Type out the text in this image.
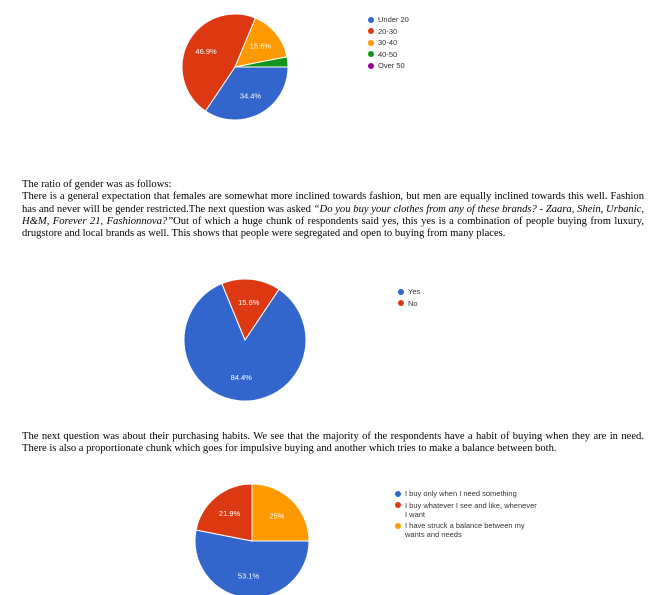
34.4%
46.9%
15.6%
84.4%
15.6%
53.1%
21.9%	25%
Under 20
20-30
30-40
40-50
Over 50
Yes
No
I buy only when I need something
I buy whatever I see and like, whenever I want
I have struck a balance between my wants and needs

The ratio of gender was as follows:

There is a general expectation that females are somewhat more inclined towards fashion, but men are equally inclined towards this well. Fashion has and never will be gender restricted.The next question was asked “Do you buy your clothes from any of these brands? - Zaara, Shein, Urbanic, H&M, Forever 21, Fashionnova?”Out of which a huge chunk of respondents said yes, this yes is a combination of people buying from luxury, drugstore and local brands as well. This shows that people were segregated and open to buying from many places.

The next question was about their purchasing habits. We see that the majority of the respondents have a habit of buying when they are in need. There is also a proportionate chunk which goes for impulsive buying and another which tries to make a balance between both.
